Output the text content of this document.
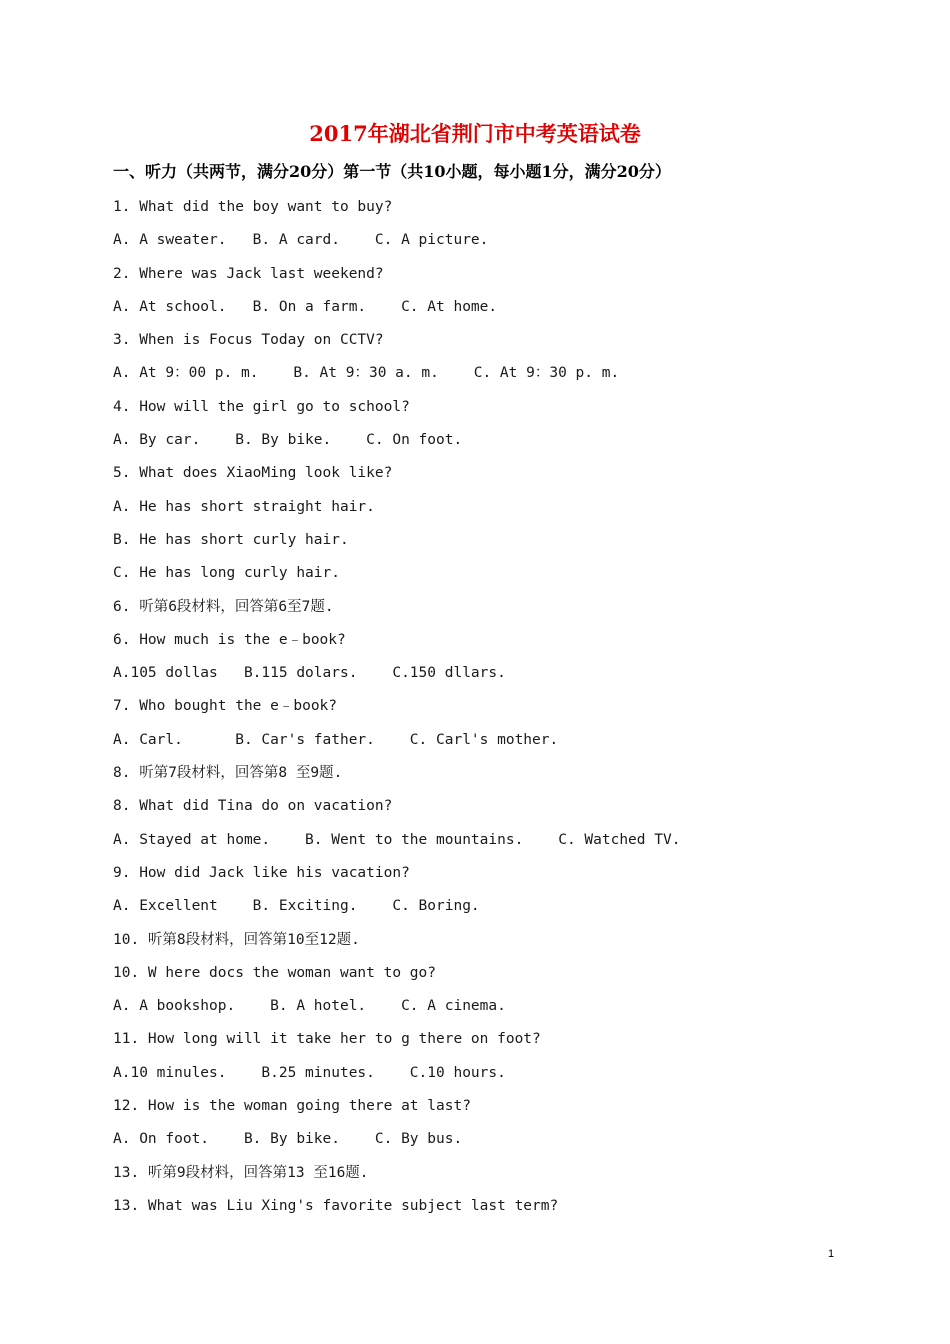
2017年湖北省荆门市中考英语试卷
一、听力（共两节，满分20分）第一节（共10小题，每小题1分，满分20分）
1. What did the boy want to buy?
A. A sweater.   B. A card.    C. A picture.
2. Where was Jack last weekend?
A. At school.   B. On a farm.    C. At home.
3. When is Focus Today on CCTV?
A. At 9：00 p. m.    B. At 9：30 a. m.    C. At 9：30 p. m.
4. How will the girl go to school?
A. By car.    B. By bike.    C. On foot.
5. What does XiaoMing look like?
A. He has short straight hair.
B. He has short curly hair.
C. He has long curly hair.
6. 听第6段材料，回答第6至7题.
6. How much is the e﹣book?
A.105 dollas   B.115 dolars.    C.150 dllars.
7. Who bought the e﹣book?
A. Carl.      B. Car's father.    C. Carl's mother.
8. 听第7段材料，回答第8 至9题.
8. What did Tina do on vacation?
A. Stayed at home.    B. Went to the mountains.    C. Watched TV.
9. How did Jack like his vacation?
A. Excellent    B. Exciting.    C. Boring.
10. 听第8段材料，回答第10至12题.
10. W here docs the woman want to go?
A. A bookshop.    B. A hotel.    C. A cinema.
11. How long will it take her to g there on foot?
A.10 minules.    B.25 minutes.    C.10 hours.
12. How is the woman going there at last?
A. On foot.    B. By bike.    C. By bus.
13. 听第9段材料，回答第13 至16题.
13. What was Liu Xing's favorite subject last term?
1
